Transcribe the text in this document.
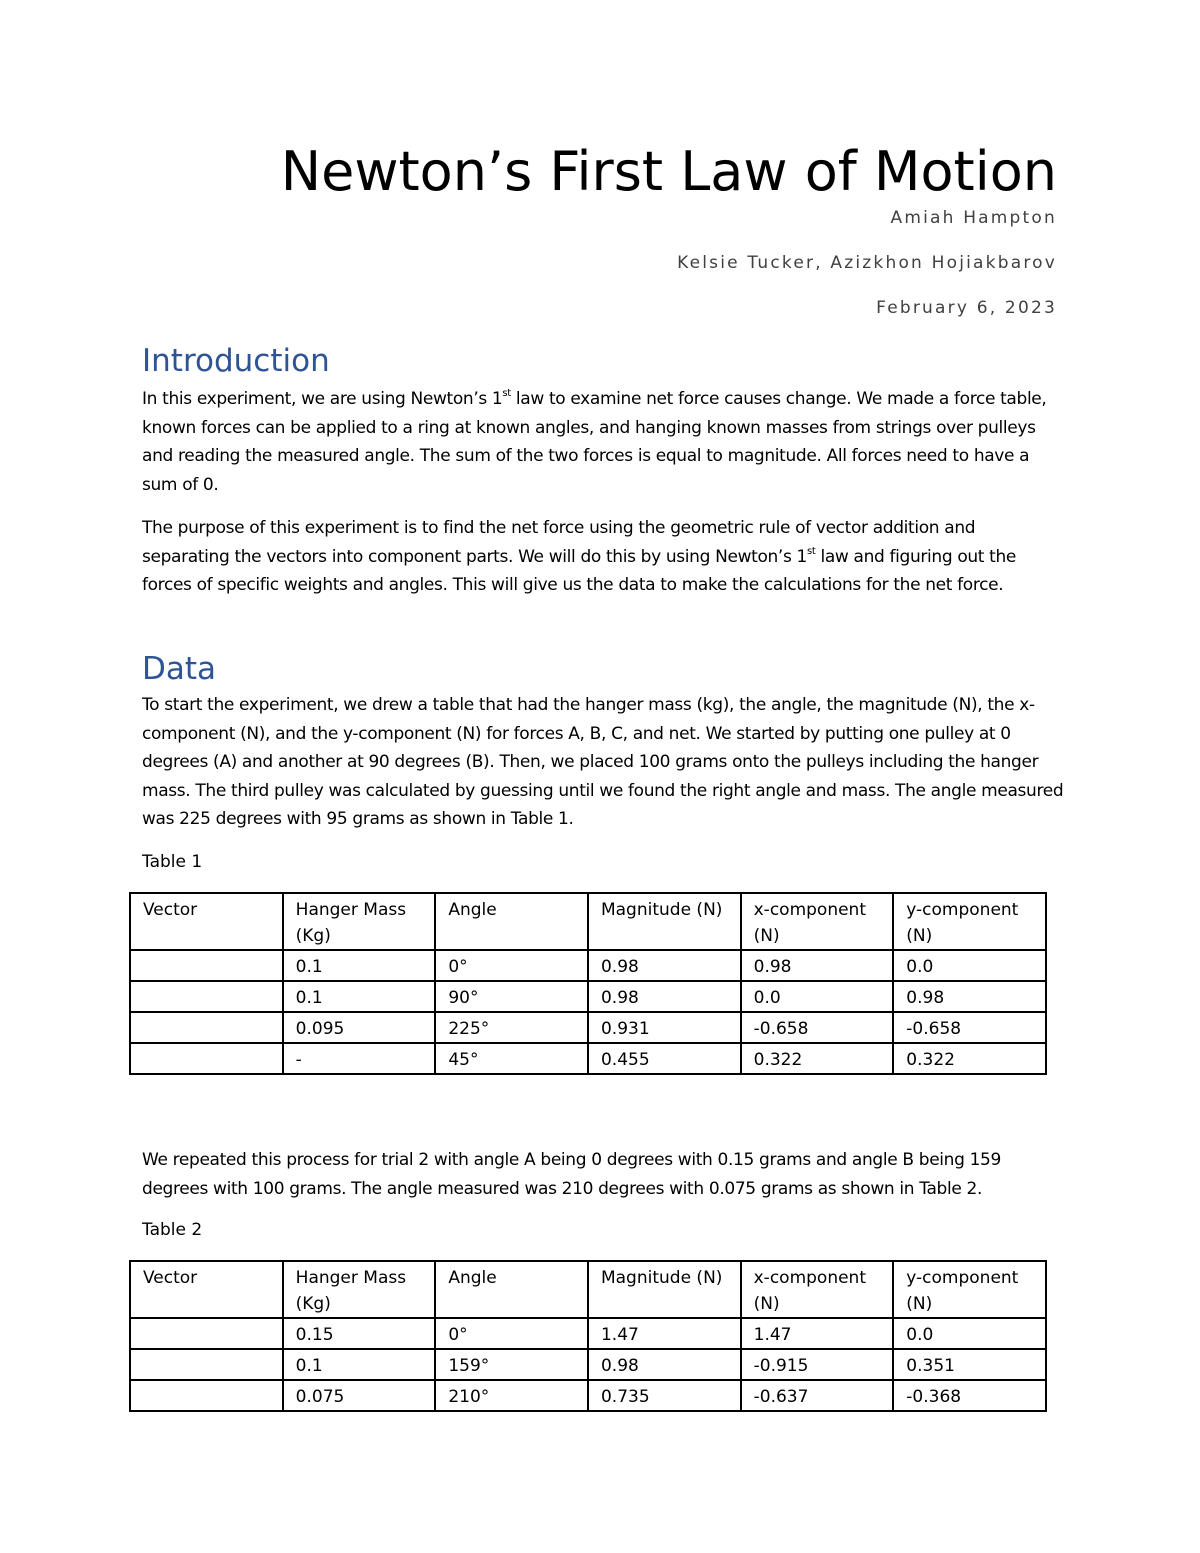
Newton’s First Law of Motion
Amiah Hampton
Kelsie Tucker, Azizkhon Hojiakbarov
February 6, 2023
Introduction

In this experiment, we are using Newton’s 1st law to examine net force causes change. We made a force table, known forces can be applied to a ring at known angles, and hanging known masses from strings over pulleys and reading the measured angle. The sum of the two forces is equal to magnitude. All forces need to have a sum of 0.

The purpose of this experiment is to find the net force using the geometric rule of vector addition and separating the vectors into component parts. We will do this by using Newton’s 1st law and figuring out the forces of specific weights and angles. This will give us the data to make the calculations for the net force.

Data

To start the experiment, we drew a table that had the hanger mass (kg), the angle, the magnitude (N), the x-component (N), and the y-component (N) for forces A, B, C, and net. We started by putting one pulley at 0 degrees (A) and another at 90 degrees (B). Then, we placed 100 grams onto the pulleys including the hanger mass. The third pulley was calculated by guessing until we found the right angle and mass. The angle measured was 225 degrees with 95 grams as shown in Table 1.

Table 1
Vector	Hanger Mass (Kg)	Angle	Magnitude (N)	x-component (N)	y-component (N)
	0.1	0°	0.98	0.98	0.0
	0.1	90°	0.98	0.0	0.98
	0.095	225°	0.931	-0.658	-0.658
	-	45°	0.455	0.322	0.322

We repeated this process for trial 2 with angle A being 0 degrees with 0.15 grams and angle B being 159 degrees with 100 grams. The angle measured was 210 degrees with 0.075 grams as shown in Table 2.

Table 2
Vector	Hanger Mass (Kg)	Angle	Magnitude (N)	x-component (N)	y-component (N)
	0.15	0°	1.47	1.47	0.0
	0.1	159°	0.98	-0.915	0.351
	0.075	210°	0.735	-0.637	-0.368
